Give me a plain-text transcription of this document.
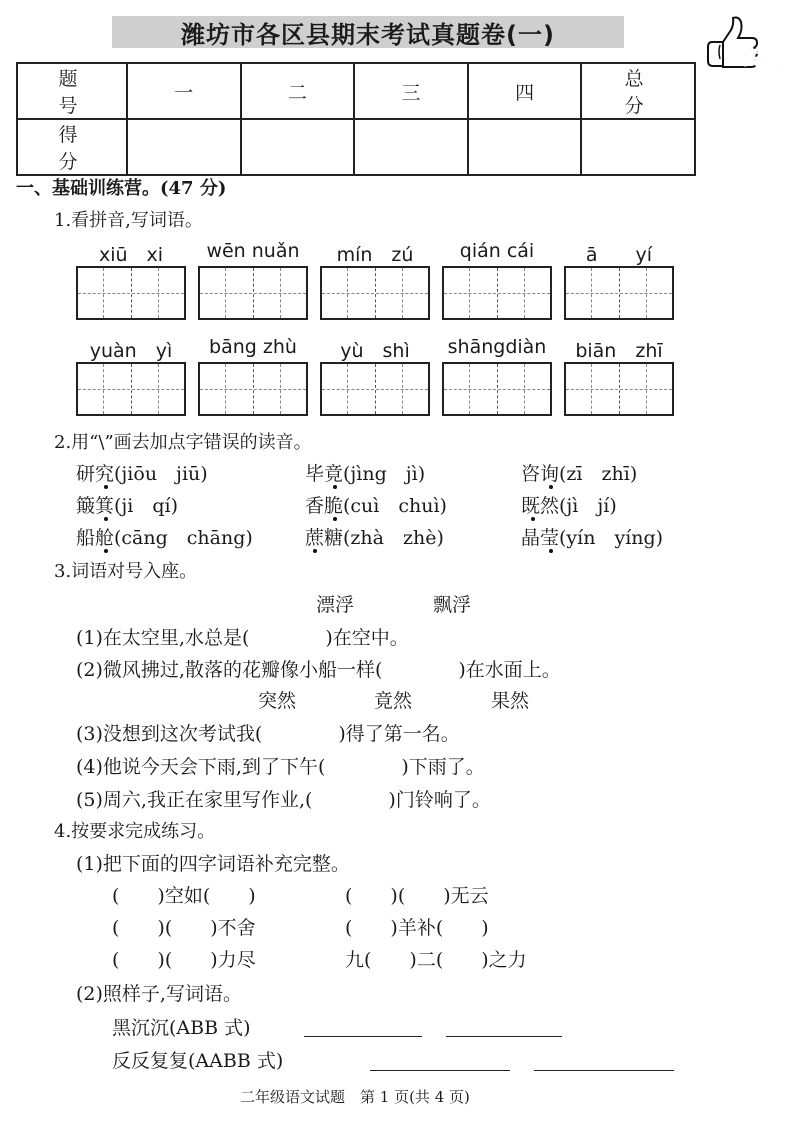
潍坊市各区县期末考试真题卷(一)
免费
题 号	一	二	三	四	总 分
得 分					
一、基础训练营。(47 分)
1.看拼音,写词语。
xiū　xi	wēn nuǎn	mín　zú	qián cái	ā　　yí
yuàn　yì	bāng zhù	yù　shì	shāngdiàn	biān　zhī
2.用“\”画去加点字错误的读音。
研究(jiōu　jiū)	毕竟(jìng　jì)	咨询(zī　zhī)
簸箕(ji　qí)	香脆(cuì　chuì)	既然(jì　jí)
船舱(cāng　chāng)	蔗糖(zhà　zhè)	晶莹(yín　yíng)
3.词语对号入座。
漂浮	飘浮
(1)在太空里,水总是(　　　　)在空中。
(2)微风拂过,散落的花瓣像小船一样(　　　　)在水面上。
突然	竟然	果然
(3)没想到这次考试我(　　　　)得了第一名。
(4)他说今天会下雨,到了下午(　　　　)下雨了。
(5)周六,我正在家里写作业,(　　　　)门铃响了。
4.按要求完成练习。
(1)把下面的四字词语补充完整。
(　　)空如(　　)	(　　)(　　)无云
(　　)(　　)不舍	(　　)羊补(　　)
(　　)(　　)力尽	九(　　)二(　　)之力
(2)照样子,写词语。
黑沉沉(ABB 式)
反反复复(AABB 式)
二年级语文试题　第 1 页(共 4 页)
